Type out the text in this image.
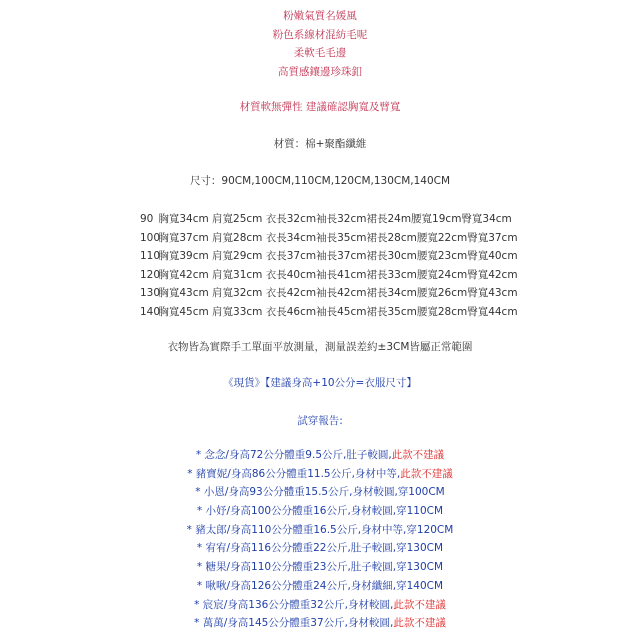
粉嫩氣質名媛風
粉色系線材混紡毛呢
柔軟毛毛邊
高質感鑲邊珍珠釦
材質軟無彈性 建議確認胸寬及臂寬
材質：棉+聚酯纖維
尺寸：90CM,100CM,110CM,120CM,130CM,140CM
90 胸寬34cm 肩寬25cm 衣長32cm袖長32cm裙長24m腰寬19cm臀寬34cm
100 胸寬37cm 肩寬28cm 衣長34cm袖長35cm裙長28cm腰寬22cm臀寬37cm
110 胸寬39cm 肩寬29cm 衣長37cm袖長37cm裙長30cm腰寬23cm臀寬40cm
120 胸寬42cm 肩寬31cm 衣長40cm袖長41cm裙長33cm腰寬24cm臀寬42cm
130 胸寬43cm 肩寬32cm 衣長42cm袖長42cm裙長34cm腰寬26cm臀寬43cm
140 胸寬45cm 肩寬33cm 衣長46cm袖長45cm裙長35cm腰寬28cm臀寬44cm
衣物皆為實際手工單面平放測量，測量誤差約±3CM皆屬正常範圍
《現貨》【建議身高+10公分=衣服尺寸】
試穿報告:
* 念念/身高72公分體重9.5公斤,肚子較圓,此款不建議
* 豬寶妮/身高86公分體重11.5公斤,身材中等,此款不建議
* 小恩/身高93公分體重15.5公斤,身材較圓,穿100CM
* 小妤/身高100公分體重16公斤,身材較圓,穿110CM
* 豬太郎/身高110公分體重16.5公斤,身材中等,穿120CM
* 宥宥/身高116公分體重22公斤,肚子較圓,穿130CM
* 糖果/身高110公分體重23公斤,肚子較圓,穿130CM
* 啾啾/身高126公分體重24公斤,身材纖細,穿140CM
* 宸宸/身高136公分體重32公斤,身材較圓,此款不建議
* 萬萬/身高145公分體重37公斤,身材較圓,此款不建議
